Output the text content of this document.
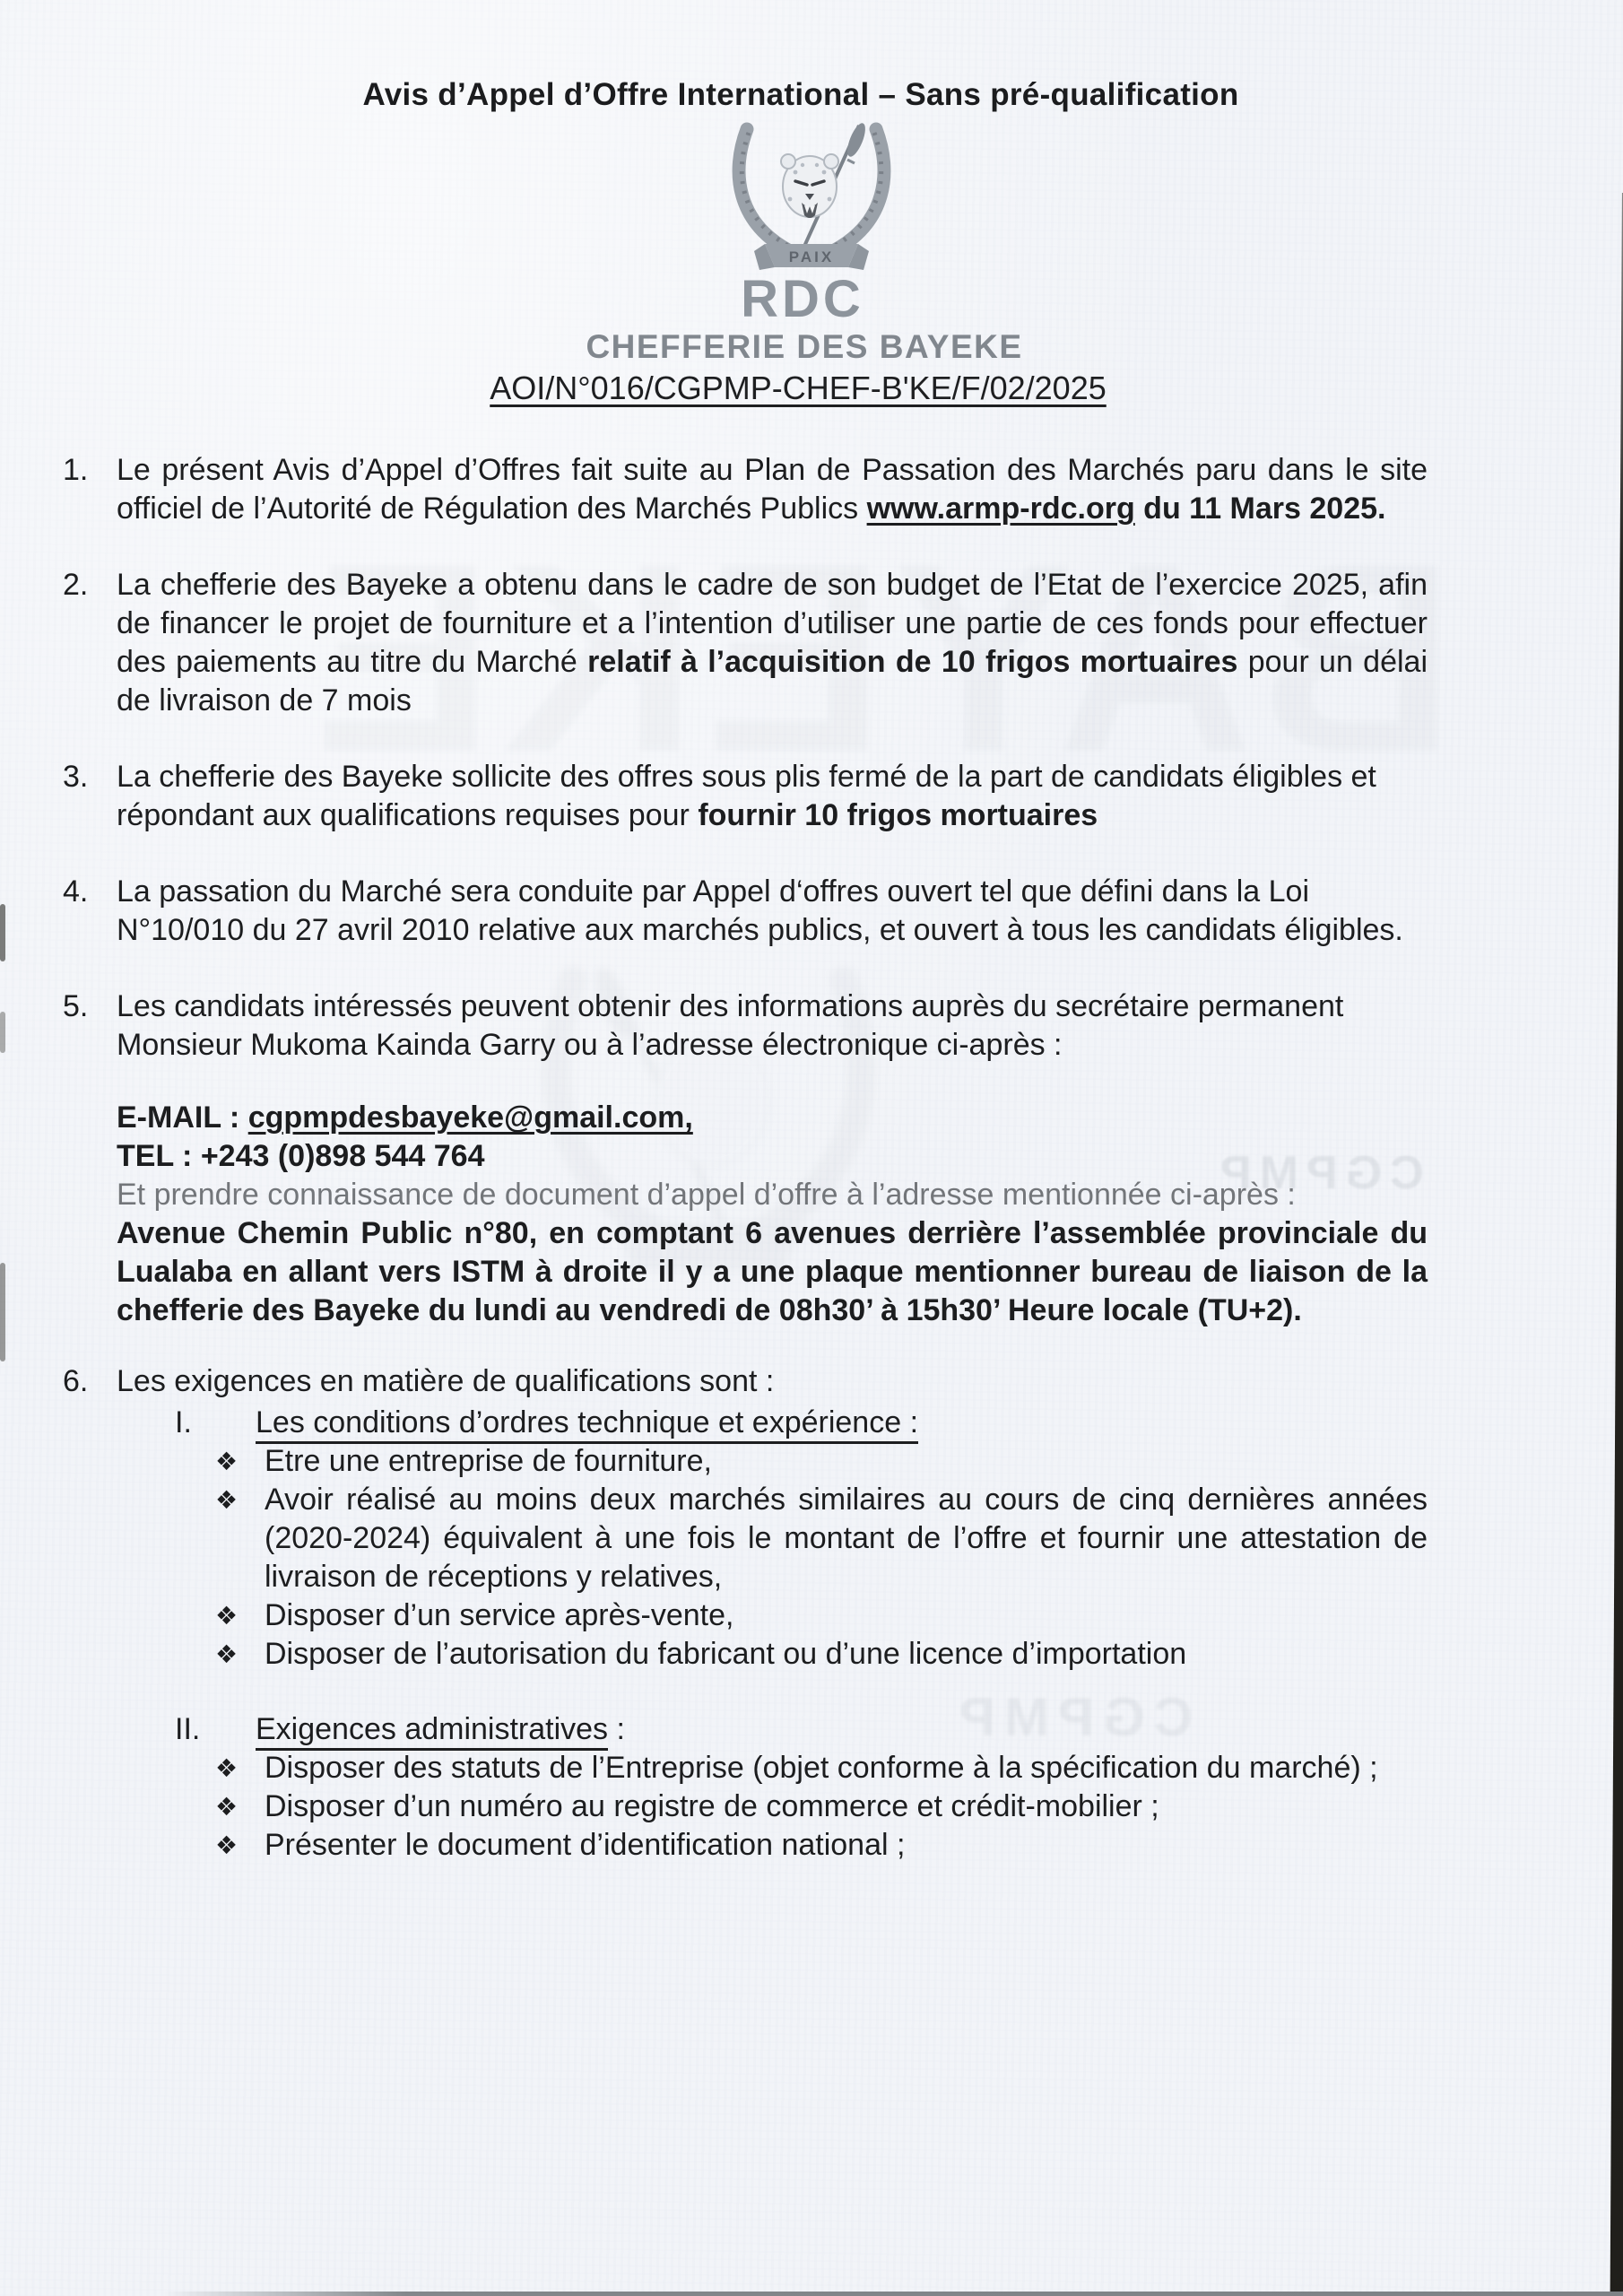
CGPMP
CGPMP
Avis d’Appel d’Offre International – Sans pré-qualification
PAIX
RDC
CHEFFERIE DES BAYEKE
AOI/N°016/CGPMP-CHEF-B'KE/F/02/2025
1. Le présent Avis d’Appel d’Offres fait suite au Plan de Passation des Marchés paru dans le site officiel de l’Autorité de Régulation des Marchés Publics www.armp-rdc.org du 11 Mars 2025.
2. La chefferie des Bayeke a obtenu dans le cadre de son budget de l’Etat de l’exercice 2025, afin de financer le projet de fourniture et a l’intention d’utiliser une partie de ces fonds pour effectuer des paiements au titre du Marché relatif à l’acquisition de 10 frigos mortuaires pour un délai de livraison de 7 mois
3. La chefferie des Bayeke sollicite des offres sous plis fermé de la part de candidats éligibles et répondant aux qualifications requises pour fournir 10 frigos mortuaires
4. La passation du Marché sera conduite par Appel d‘offres ouvert tel que défini dans la Loi N°10/010 du 27 avril 2010 relative aux marchés publics, et ouvert à tous les candidats éligibles.
5. Les candidats intéressés peuvent obtenir des informations auprès du secrétaire permanent Monsieur Mukoma Kainda Garry ou à l’adresse électronique ci-après :
E-MAIL : cgpmpdesbayeke@gmail.com,
TEL : +243 (0)898 544 764
Et prendre connaissance de document d’appel d’offre à l’adresse mentionnée ci-après :
Avenue Chemin Public n°80, en comptant 6 avenues derrière l’assemblée provinciale du Lualaba en allant vers ISTM à droite il y a une plaque mentionner bureau de liaison de la chefferie des Bayeke du lundi au vendredi de 08h30’ à 15h30’ Heure locale (TU+2).
6. Les exigences en matière de qualifications sont :
I.	Les conditions d’ordres technique et expérience :
❖ Etre une entreprise de fourniture,
❖ Avoir réalisé au moins deux marchés similaires au cours de cinq dernières années (2020-2024) équivalent à une fois le montant de l’offre et fournir une attestation de livraison de réceptions y relatives,
❖ Disposer d’un service après-vente,
❖ Disposer de l’autorisation du fabricant ou d’une licence d’importation
II.	Exigences administratives :
❖ Disposer des statuts de l’Entreprise (objet conforme à la spécification du marché) ;
❖ Disposer d’un numéro au registre de commerce et crédit-mobilier ;
❖ Présenter le document d’identification national ;
